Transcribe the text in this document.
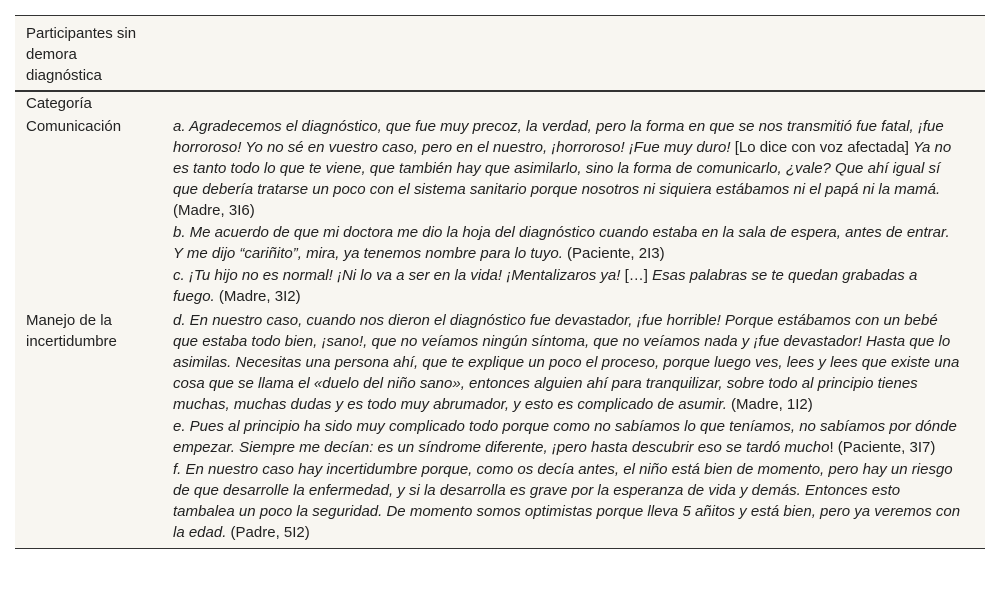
Participantes sin demora diagnóstica
Categoría
Comunicación	a. Agradecemos el diagnóstico, que fue muy precoz, la verdad, pero la forma en que se nos transmitió fue fatal, ¡fue horroroso! Yo no sé en vuestro caso, pero en el nuestro, ¡horroroso! ¡Fue muy duro! [Lo dice con voz afectada] Ya no es tanto todo lo que te viene, que también hay que asimilarlo, sino la forma de comunicarlo, ¿vale? Que ahí igual sí que debería tratarse un poco con el sistema sanitario porque nosotros ni siquiera estábamos ni el papá ni la mamá. (Madre, 3I6)
b. Me acuerdo de que mi doctora me dio la hoja del diagnóstico cuando estaba en la sala de espera, antes de entrar. Y me dijo “cariñito”, mira, ya tenemos nombre para lo tuyo. (Paciente, 2I3)
c. ¡Tu hijo no es normal! ¡Ni lo va a ser en la vida! ¡Mentalizaros ya! […] Esas palabras se te quedan grabadas a fuego. (Madre, 3I2)
Manejo de la incertidumbre
d. En nuestro caso, cuando nos dieron el diagnóstico fue devastador, ¡fue horrible! Porque estábamos con un bebé que estaba todo bien, ¡sano!, que no veíamos ningún síntoma, que no veíamos nada y ¡fue devastador! Hasta que lo asimilas. Necesitas una persona ahí, que te explique un poco el proceso, porque luego ves, lees y lees que existe una cosa que se llama el «duelo del niño sano», entonces alguien ahí para tranquilizar, sobre todo al principio tienes muchas, muchas dudas y es todo muy abrumador, y esto es complicado de asumir. (Madre, 1I2)
e. Pues al principio ha sido muy complicado todo porque como no sabíamos lo que teníamos, no sabíamos por dónde empezar. Siempre me decían: es un síndrome diferente, ¡pero hasta descubrir eso se tardó mucho! (Paciente, 3I7)
f. En nuestro caso hay incertidumbre porque, como os decía antes, el niño está bien de momento, pero hay un riesgo de que desarrolle la enfermedad, y si la desarrolla es grave por la esperanza de vida y demás. Entonces esto tambalea un poco la seguridad. De momento somos optimistas porque lleva 5 añitos y está bien, pero ya veremos con la edad. (Padre, 5I2)
